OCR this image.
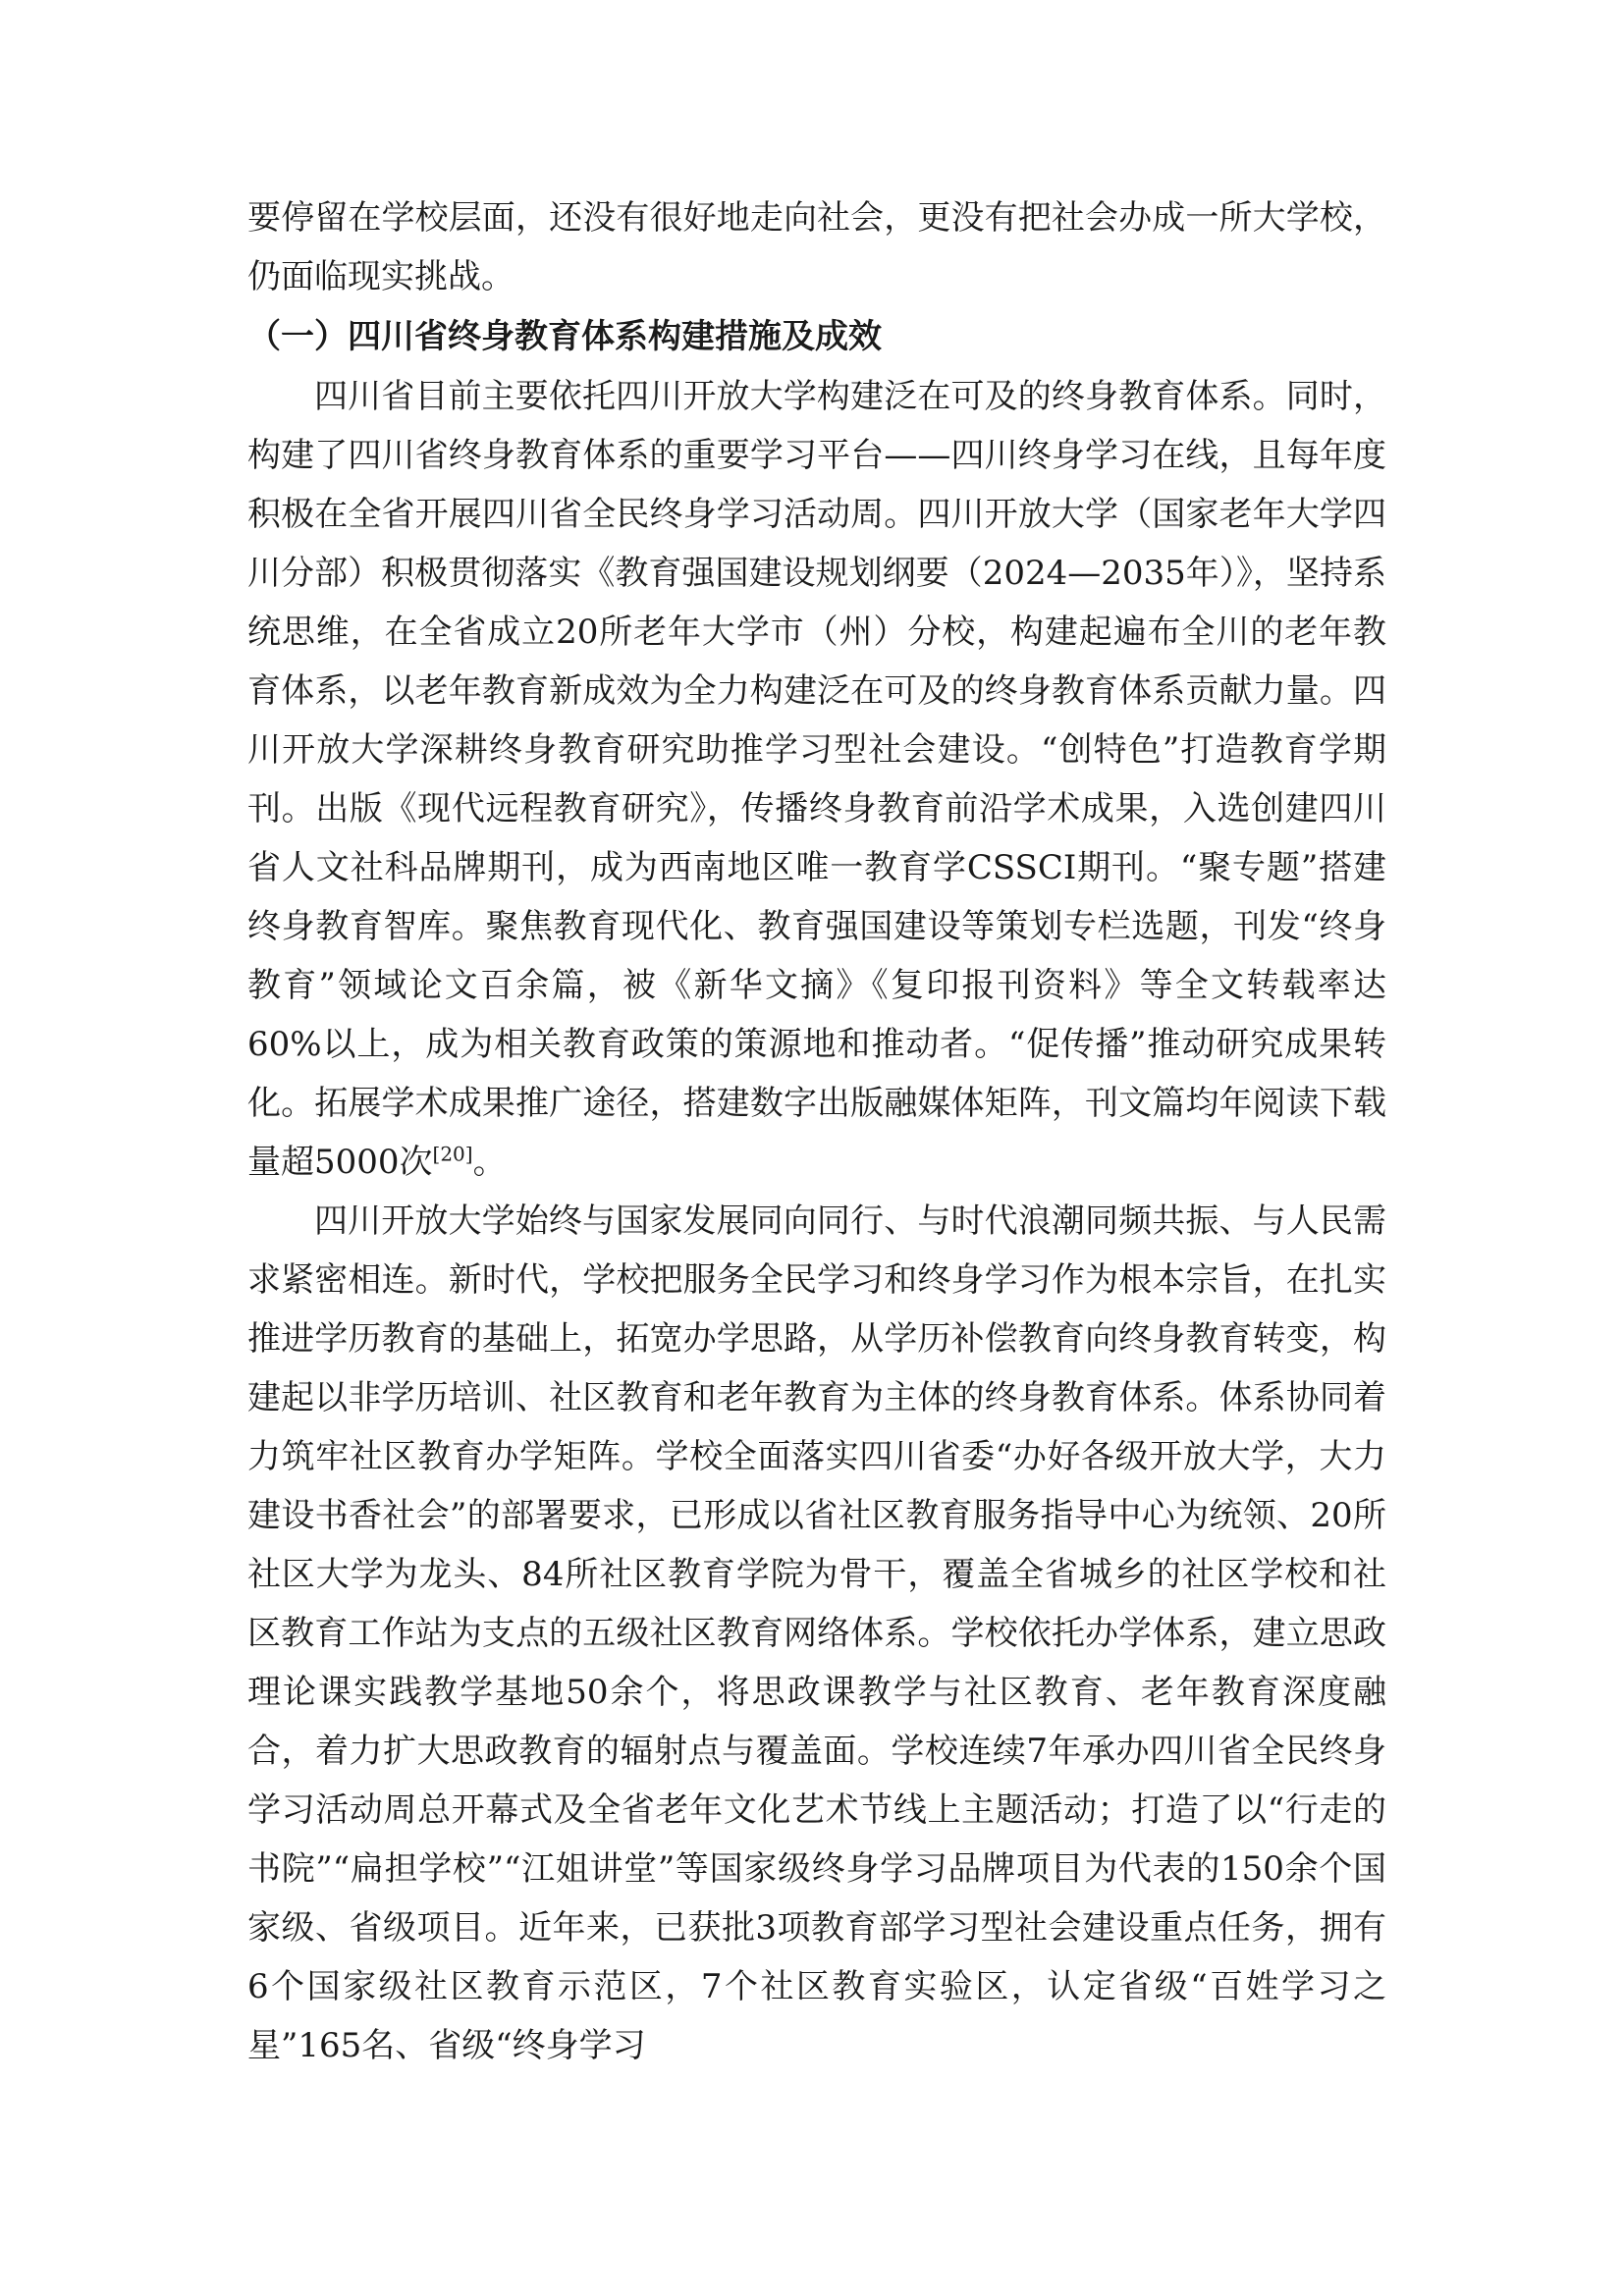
要停留在学校层面，还没有很好地走向社会，更没有把社会办成一所大学校，仍面临现实挑战。

（一）四川省终身教育体系构建措施及成效

四川省目前主要依托四川开放大学构建泛在可及的终身教育体系。同时，构建了四川省终身教育体系的重要学习平台——四川终身学习在线，且每年度积极在全省开展四川省全民终身学习活动周。四川开放大学（国家老年大学四川分部）积极贯彻落实《教育强国建设规划纲要（2024—2035年）》，坚持系统思维，在全省成立20所老年大学市（州）分校，构建起遍布全川的老年教育体系，以老年教育新成效为全力构建泛在可及的终身教育体系贡献力量。四川开放大学深耕终身教育研究助推学习型社会建设。“创特色”打造教育学期刊。出版《现代远程教育研究》，传播终身教育前沿学术成果，入选创建四川省人文社科品牌期刊，成为西南地区唯一教育学CSSCI期刊。“聚专题”搭建终身教育智库。聚焦教育现代化、教育强国建设等策划专栏选题，刊发“终身教育”领域论文百余篇，被《新华文摘》《复印报刊资料》等全文转载率达60%以上，成为相关教育政策的策源地和推动者。“促传播”推动研究成果转化。拓展学术成果推广途径，搭建数字出版融媒体矩阵，刊文篇均年阅读下载量超5000次[20]。

四川开放大学始终与国家发展同向同行、与时代浪潮同频共振、与人民需求紧密相连。新时代，学校把服务全民学习和终身学习作为根本宗旨，在扎实推进学历教育的基础上，拓宽办学思路，从学历补偿教育向终身教育转变，构建起以非学历培训、社区教育和老年教育为主体的终身教育体系。体系协同着力筑牢社区教育办学矩阵。学校全面落实四川省委“办好各级开放大学，大力建设书香社会”的部署要求，已形成以省社区教育服务指导中心为统领、20所社区大学为龙头、84所社区教育学院为骨干，覆盖全省城乡的社区学校和社区教育工作站为支点的五级社区教育网络体系。学校依托办学体系，建立思政理论课实践教学基地50余个，将思政课教学与社区教育、老年教育深度融合，着力扩大思政教育的辐射点与覆盖面。学校连续7年承办四川省全民终身学习活动周总开幕式及全省老年文化艺术节线上主题活动；打造了以“行走的书院”“扁担学校”“江姐讲堂”等国家级终身学习品牌项目为代表的150余个国家级、省级项目。近年来，已获批3项教育部学习型社会建设重点任务，拥有6个国家级社区教育示范区，7个社区教育实验区，认定省级“百姓学习之星”165名、省级“终身学习
